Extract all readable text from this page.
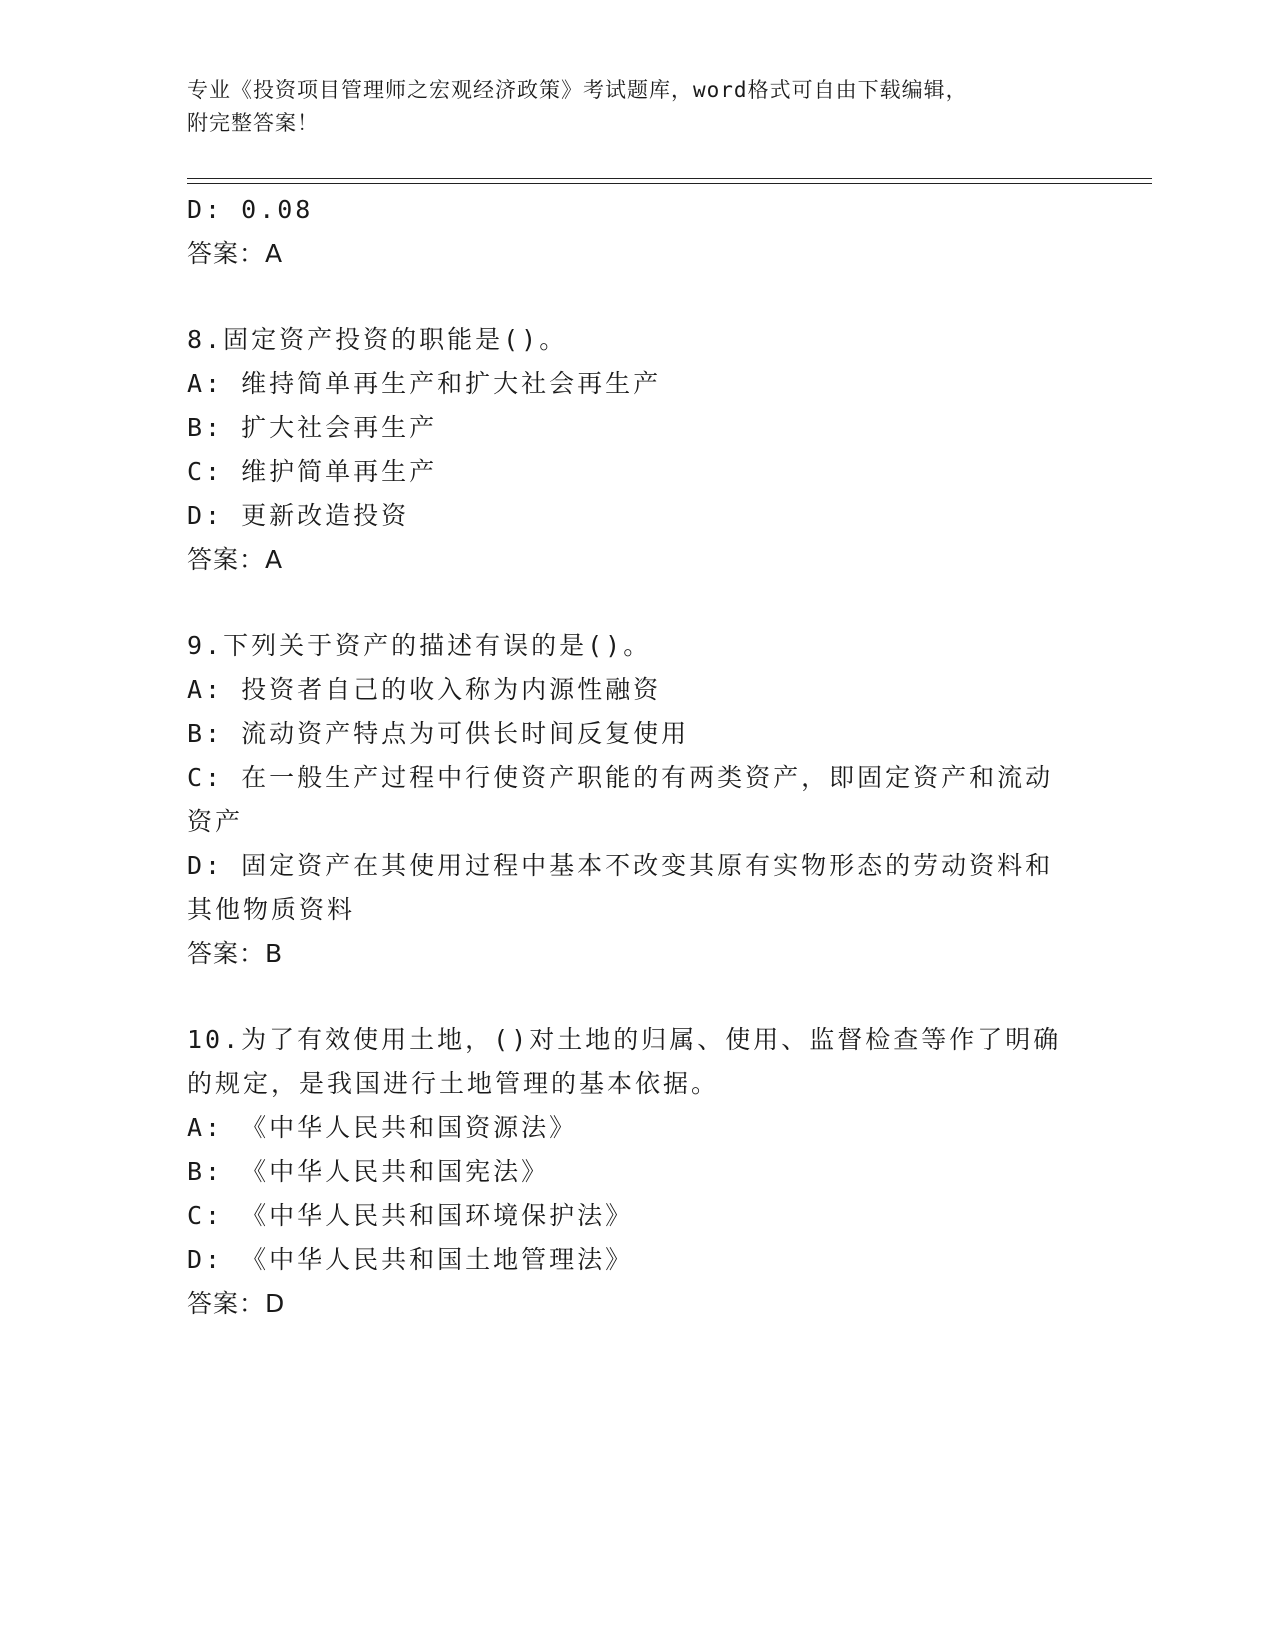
专业《投资项目管理师之宏观经济政策》考试题库，word格式可自由下载编辑，
附完整答案！
D: 0.08
答案：A
8.固定资产投资的职能是()。
A: 维持简单再生产和扩大社会再生产
B: 扩大社会再生产
C: 维护简单再生产
D: 更新改造投资
答案：A
9.下列关于资产的描述有误的是()。
A: 投资者自己的收入称为内源性融资
B: 流动资产特点为可供长时间反复使用
C: 在一般生产过程中行使资产职能的有两类资产，即固定资产和流动
资产
D: 固定资产在其使用过程中基本不改变其原有实物形态的劳动资料和
其他物质资料
答案：B
10.为了有效使用土地，()对土地的归属、使用、监督检查等作了明确
的规定，是我国进行土地管理的基本依据。
A: 《中华人民共和国资源法》
B: 《中华人民共和国宪法》
C: 《中华人民共和国环境保护法》
D: 《中华人民共和国土地管理法》
答案：D
